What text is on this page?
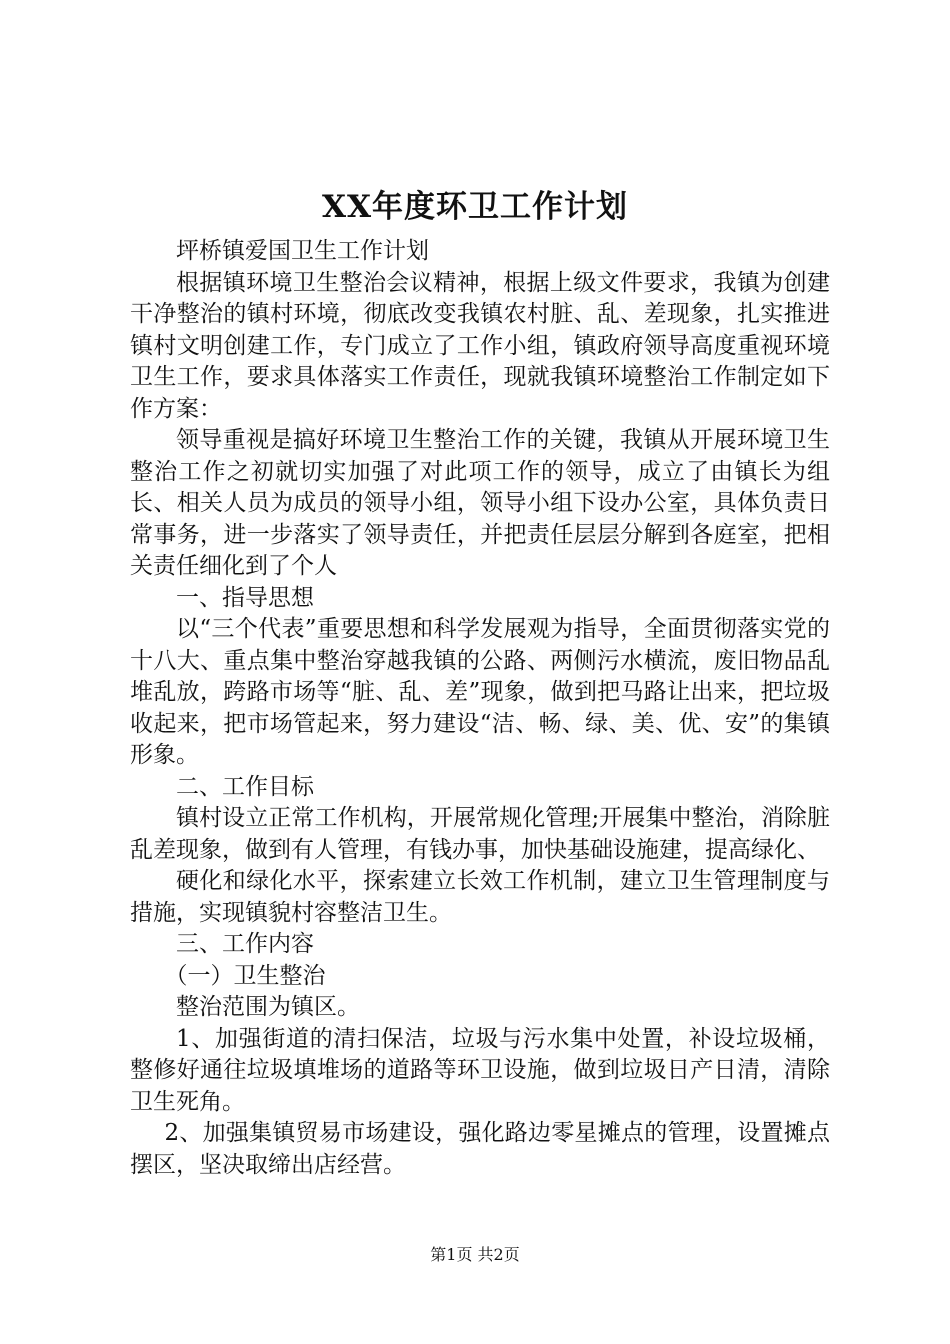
XX年度环卫工作计划

坪桥镇爱国卫生工作计划

根据镇环境卫生整治会议精神，根据上级文件要求，我镇为创建干净整治的镇村环境，彻底改变我镇农村脏、乱、差现象，扎实推进镇村文明创建工作，专门成立了工作小组，镇政府领导高度重视环境卫生工作，要求具体落实工作责任，现就我镇环境整治工作制定如下作方案：

领导重视是搞好环境卫生整治工作的关键，我镇从开展环境卫生整治工作之初就切实加强了对此项工作的领导，成立了由镇长为组长、相关人员为成员的领导小组，领导小组下设办公室，具体负责日常事务，进一步落实了领导责任，并把责任层层分解到各庭室，把相关责任细化到了个人

一、指导思想

以“三个代表”重要思想和科学发展观为指导，全面贯彻落实党的十八大、重点集中整治穿越我镇的公路、两侧污水横流，废旧物品乱堆乱放，跨路市场等“脏、乱、差”现象，做到把马路让出来，把垃圾收起来，把市场管起来，努力建设“洁、畅、绿、美、优、安”的集镇形象。

二、工作目标

镇村设立正常工作机构，开展常规化管理;开展集中整治，消除脏乱差现象，做到有人管理，有钱办事，加快基础设施建，提高绿化、

硬化和绿化水平，探索建立长效工作机制，建立卫生管理制度与措施，实现镇貌村容整洁卫生。

三、工作内容

（一）卫生整治

整治范围为镇区。

1、加强街道的清扫保洁，垃圾与污水集中处置，补设垃圾桶，整修好通往垃圾填堆场的道路等环卫设施，做到垃圾日产日清，清除卫生死角。

2、加强集镇贸易市场建设，强化路边零星摊点的管理，设置摊点摆区，坚决取缔出店经营。

第1页 共2页
